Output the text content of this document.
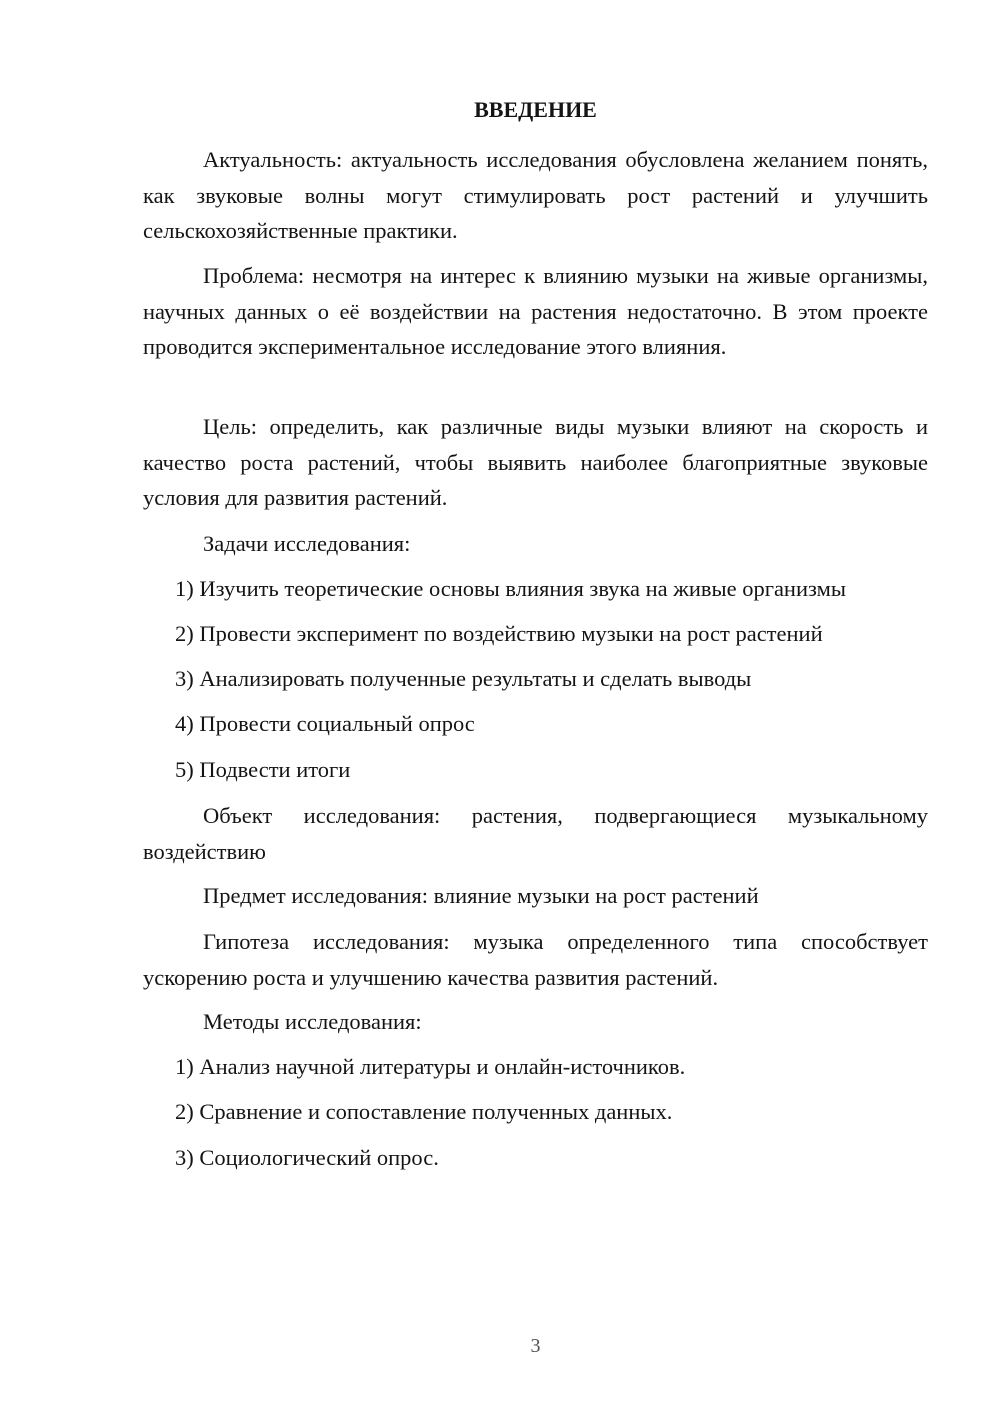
ВВЕДЕНИЕ

Актуальность: актуальность исследования обусловлена желанием понять, как звуковые волны могут стимулировать рост растений и улучшить сельскохозяйственные практики.

Проблема: несмотря на интерес к влиянию музыки на живые организмы, научных данных о её воздействии на растения недостаточно. В этом проекте проводится экспериментальное исследование этого влияния.

Цель: определить, как различные виды музыки влияют на скорость и качество роста растений, чтобы выявить наиболее благоприятные звуковые условия для развития растений.

Задачи исследования:

1) Изучить теоретические основы влияния звука на живые организмы

2) Провести эксперимент по воздействию музыки на рост растений

3) Анализировать полученные результаты и сделать выводы

4) Провести социальный опрос

5) Подвести итоги

Объект исследования: растения, подвергающиеся музыкальному воздействию

Предмет исследования: влияние музыки на рост растений

Гипотеза исследования: музыка определенного типа способствует ускорению роста и улучшению качества развития растений.

Методы исследования:

1) Анализ научной литературы и онлайн-источников.

2) Сравнение и сопоставление полученных данных.

3) Социологический опрос.

3
